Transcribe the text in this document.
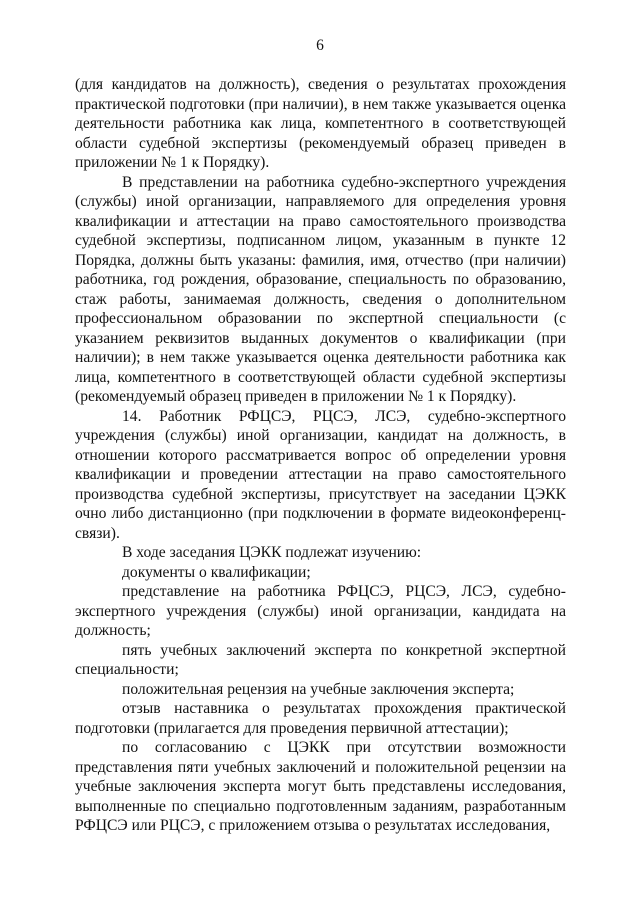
6

(для кандидатов на должность), сведения о результатах прохождения практической подготовки (при наличии), в нем также указывается оценка деятельности работника как лица, компетентного в соответствующей области судебной экспертизы (рекомендуемый образец приведен в приложении № 1 к Порядку).

В представлении на работника судебно-экспертного учреждения (службы) иной организации, направляемого для определения уровня квалификации и аттестации на право самостоятельного производства судебной экспертизы, подписанном лицом, указанным в пункте 12 Порядка, должны быть указаны: фамилия, имя, отчество (при наличии) работника, год рождения, образование, специальность по образованию, стаж работы, занимаемая должность, сведения о дополнительном профессиональном образовании по экспертной специальности (с указанием реквизитов выданных документов о квалификации (при наличии); в нем также указывается оценка деятельности работника как лица, компетентного в соответствующей области судебной экспертизы (рекомендуемый образец приведен в приложении № 1 к Порядку).

14. Работник РФЦСЭ, РЦСЭ, ЛСЭ, судебно-экспертного учреждения (службы) иной организации, кандидат на должность, в отношении которого рассматривается вопрос об определении уровня квалификации и проведении аттестации на право самостоятельного производства судебной экспертизы, присутствует на заседании ЦЭКК очно либо дистанционно (при подключении в формате видеоконференц-связи).

В ходе заседания ЦЭКК подлежат изучению:

документы о квалификации;

представление на работника РФЦСЭ, РЦСЭ, ЛСЭ, судебно-экспертного учреждения (службы) иной организации, кандидата на должность;

пять учебных заключений эксперта по конкретной экспертной специальности;

положительная рецензия на учебные заключения эксперта;

отзыв наставника о результатах прохождения практической подготовки (прилагается для проведения первичной аттестации);

по согласованию с ЦЭКК при отсутствии возможности представления пяти учебных заключений и положительной рецензии на учебные заключения эксперта могут быть представлены исследования, выполненные по специально подготовленным заданиям, разработанным РФЦСЭ или РЦСЭ, с приложением отзыва о результатах исследования,
